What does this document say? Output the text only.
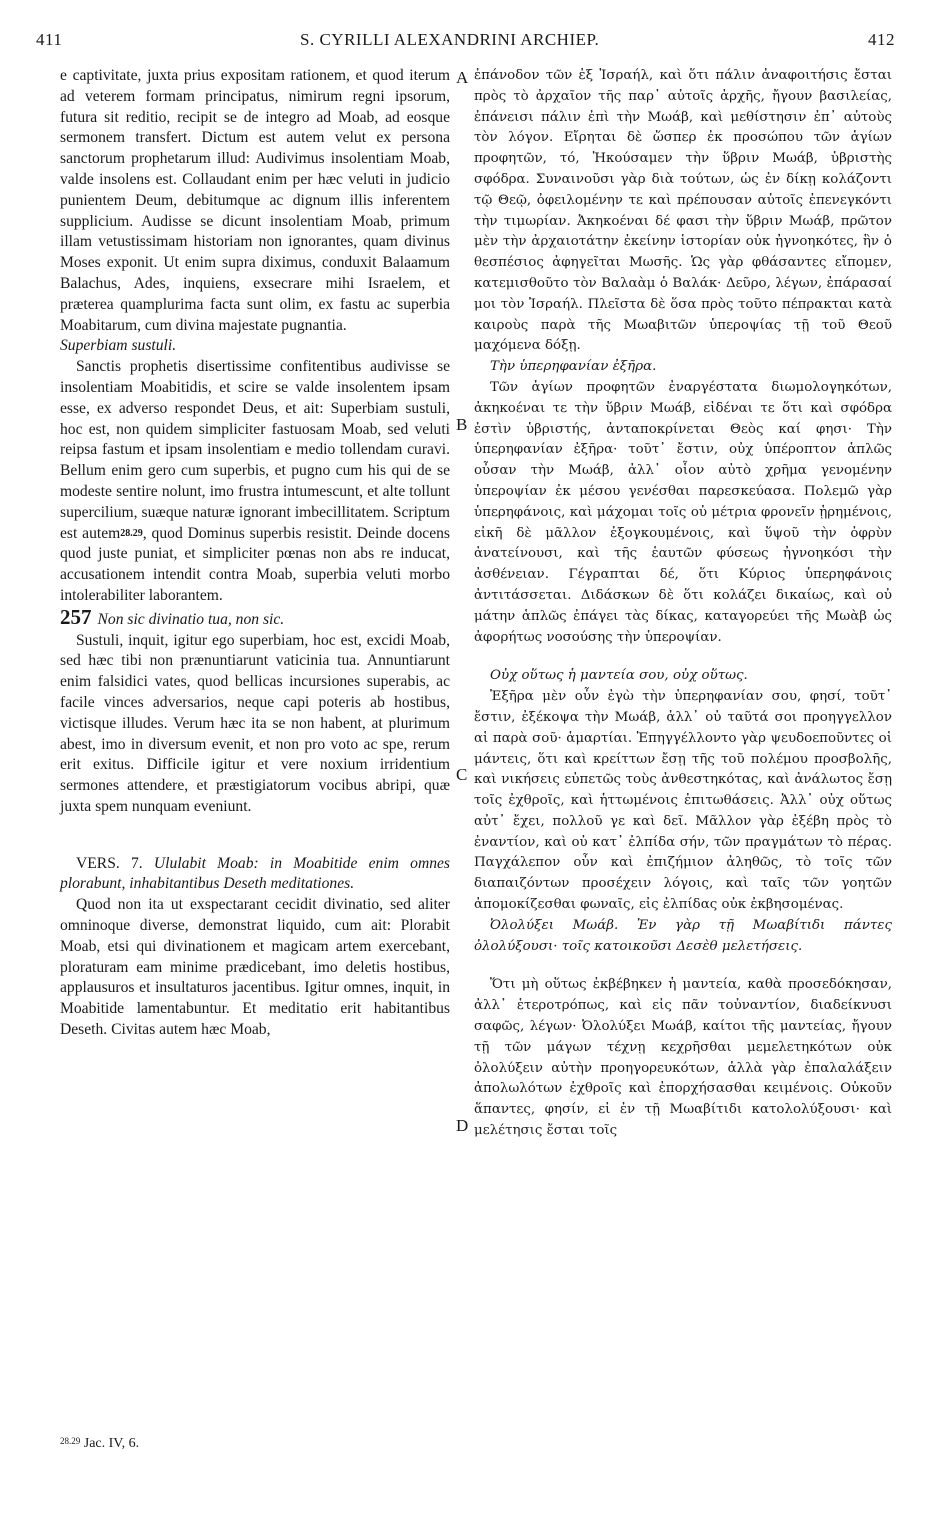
411	S. CYRILLI ALEXANDRINI ARCHIEP.	412

e captivitate, juxta prius expositam rationem, et quod iterum ad veterem formam principatus, nimirum regni ipsorum, futura sit reditio, recipit se de integro ad Moab, ad eosque sermonem transfert. Dictum est autem velut ex persona sanctorum prophetarum illud: Audivimus insolentiam Moab, valde insolens est. Collaudant enim per hæc veluti in judicio punientem Deum, debitumque ac dignum illis inferentem supplicium. Audisse se dicunt insolentiam Moab, primum illam vetustissimam historiam non ignorantes, quam divinus Moses exponit. Ut enim supra diximus, conduxit Balaamum Balachus, Ades, inquiens, exsecrare mihi Israelem, et præterea quamplurima facta sunt olim, ex fastu ac superbia Moabitarum, cum divina majestate pugnantia.

Superbiam sustuli.

Sanctis prophetis disertissime confitentibus audivisse se insolentiam Moabitidis, et scire se valde insolentem ipsam esse, ex adverso respondet Deus, et ait: Superbiam sustuli, hoc est, non quidem simpliciter fastuosam Moab, sed veluti reipsa fastum et ipsam insolentiam e medio tollendam curavi. Bellum enim gero cum superbis, et pugno cum his qui de se modeste sentire nolunt, imo frustra intumescunt, et alte tollunt supercilium, suæque naturæ ignorant imbecillitatem. Scriptum est autem$^{28.29}$, quod Dominus superbis resistit. Deinde docens quod juste puniat, et simpliciter pœnas non abs re inducat, accusationem intendit contra Moab, superbia veluti morbo intolerabiliter laborantem.

257 Non sic divinatio tua, non sic.

Sustuli, inquit, igitur ego superbiam, hoc est, excidi Moab, sed hæc tibi non prænuntiarunt vaticinia tua. Annuntiarunt enim falsidici vates, quod bellicas incursiones superabis, ac facile vinces adversarios, neque capi poteris ab hostibus, victisque illudes. Verum hæc ita se non habent, at plurimum abest, imo in diversum evenit, et non pro voto ac spe, rerum erit exitus. Difficile igitur et vere noxium irridentium sermones attendere, et præstigiatorum vocibus abripi, quæ juxta spem nunquam eveniunt.

VERS. 7. Ululabit Moab: in Moabitide enim omnes plorabunt, inhabitantibus Deseth meditationes.

Quod non ita ut exspectarant cecidit divinatio, sed aliter omninoque diverse, demonstrat liquido, cum ait: Plorabit Moab, etsi qui divinationem et magicam artem exercebant, ploraturam eam minime prædicebant, imo deletis hostibus, applausuros et insultaturos jacentibus. Igitur omnes, inquit, in Moabitide lamentabuntur. Et meditatio erit habitantibus Deseth. Civitas autem hæc Moab,

A
B
C
D

ἐπάνοδον τῶν ἐξ Ἰσραήλ, καὶ ὅτι πάλιν ἀναφοιτήσις ἔσται πρὸς τὸ ἀρχαῖον τῆς παρ᾽ αὐτοῖς ἀρχῆς, ἤγουν βασιλείας, ἐπάνεισι πάλιν ἐπὶ τὴν Μωάβ, καὶ μεθίστησιν ἐπ᾽ αὐτοὺς τὸν λόγον. Εἴρηται δὲ ὥσπερ ἐκ προσώπου τῶν ἁγίων προφητῶν, τό, Ἠκούσαμεν τὴν ὕβριν Μωάβ, ὑβριστὴς σφόδρα. Συναινοῦσι γὰρ διὰ τούτων, ὡς ἐν δίκῃ κολάζοντι τῷ Θεῷ, ὀφειλομένην τε καὶ πρέπουσαν αὐτοῖς ἐπενεγκόντι τὴν τιμωρίαν. Ἀκηκοέναι δέ φασι τὴν ὕβριν Μωάβ, πρῶτον μὲν τὴν ἀρχαιοτάτην ἐκείνην ἱστορίαν οὐκ ἠγνοηκότες, ἣν ὁ θεσπέσιος ἀφηγεῖται Μωσῆς. Ὡς γὰρ φθάσαντες εἴπομεν, κατεμισθοῦτο τὸν Βαλαὰμ ὁ Βαλάκ· Δεῦρο, λέγων, ἐπάρασαί μοι τὸν Ἰσραήλ. Πλεῖστα δὲ ὅσα πρὸς τοῦτο πέπρακται κατὰ καιροὺς παρὰ τῆς Μωαβιτῶν ὑπεροψίας τῇ τοῦ Θεοῦ μαχόμενα δόξῃ.

Τὴν ὑπερηφανίαν ἐξῆρα.

Τῶν ἁγίων προφητῶν ἐναργέστατα διωμολογηκότων, ἀκηκοέναι τε τὴν ὕβριν Μωάβ, εἰδέναι τε ὅτι καὶ σφόδρα ἐστὶν ὑβριστής, ἀνταποκρίνεται Θεὸς καί φησι· Τὴν ὑπερηφανίαν ἐξῆρα· τοῦτ᾽ ἔστιν, οὐχ ὑπέροπτον ἁπλῶς οὖσαν τὴν Μωάβ, ἀλλ᾽ οἷον αὐτὸ χρῆμα γενομένην ὑπεροψίαν ἐκ μέσου γενέσθαι παρεσκεύασα. Πολεμῶ γὰρ ὑπερηφάνοις, καὶ μάχομαι τοῖς οὐ μέτρια φρονεῖν ᾑρημένοις, εἰκῆ δὲ μᾶλλον ἐξογκουμένοις, καὶ ὕψοῦ τὴν ὀφρὺν ἀνατείνουσι, καὶ τῆς ἑαυτῶν φύσεως ἠγνοηκόσι τὴν ἀσθένειαν. Γέγραπται δέ, ὅτι Κύριος ὑπερηφάνοις ἀντιτάσσεται. Διδάσκων δὲ ὅτι κολάζει δικαίως, καὶ οὐ μάτην ἁπλῶς ἐπάγει τὰς δίκας, καταγορεύει τῆς Μωὰβ ὡς ἀφορήτως νοσούσης τὴν ὑπεροψίαν.

Οὐχ οὕτως ἡ μαντεία σου, οὐχ οὕτως.

Ἐξῆρα μὲν οὖν ἐγὼ τὴν ὑπερηφανίαν σου, φησί, τοῦτ᾽ ἔστιν, ἐξέκοψα τὴν Μωάβ, ἀλλ᾽ οὐ ταῦτά σοι προηγγελλον αἱ παρὰ σοῦ· ἁμαρτίαι. Ἐπηγγέλλοντο γὰρ ψευδοεποῦντες οἱ μάντεις, ὅτι καὶ κρείττων ἔσῃ τῆς τοῦ πολέμου προσβολῆς, καὶ νικήσεις εὐπετῶς τοὺς ἀνθεστηκότας, καὶ ἀνάλωτος ἔσῃ τοῖς ἐχθροῖς, καὶ ἡττωμένοις ἐπιτωθάσεις. Ἀλλ᾽ οὐχ οὕτως αὐτ᾽ ἔχει, πολλοῦ γε καὶ δεῖ. Μᾶλλον γὰρ ἐξέβη πρὸς τὸ ἐναντίον, καὶ οὐ κατ᾽ ἐλπίδα σήν, τῶν πραγμάτων τὸ πέρας. Παγχάλεπον οὖν καὶ ἐπιζήμιον ἀληθῶς, τὸ τοῖς τῶν διαπαιζόντων προσέχειν λόγοις, καὶ ταῖς τῶν γοητῶν ἀπομοκίζεσθαι φωναῖς, εἰς ἐλπίδας οὐκ ἐκβησομένας.

Ὀλολύξει Μωάβ. Ἐν γὰρ τῇ Μωαβίτιδι πάντες ὀλολύξουσι· τοῖς κατοικοῦσι Δεσὲθ μελετήσεις.

Ὅτι μὴ οὕτως ἐκβέβηκεν ἡ μαντεία, καθὰ προσεδόκησαν, ἀλλ᾽ ἑτεροτρόπως, καὶ εἰς πᾶν τοὐναντίον, διαδείκνυσι σαφῶς, λέγων· Ὀλολύξει Μωάβ, καίτοι τῆς μαντείας, ἤγουν τῇ τῶν μάγων τέχνῃ κεχρῆσθαι μεμελετηκότων οὐκ ὀλολύξειν αὐτὴν προηγορευκότων, ἀλλὰ γὰρ ἐπαλαλάξειν ἀπολωλότων ἐχθροῖς καὶ ἐπορχήσασθαι κειμένοις. Οὐκοῦν ἅπαντες, φησίν, εἰ ἐν τῇ Μωαβίτιδι κατολολύξουσι· καὶ μελέτησις ἔσται τοῖς

$^{28.29}$ Jac. IV, 6.
